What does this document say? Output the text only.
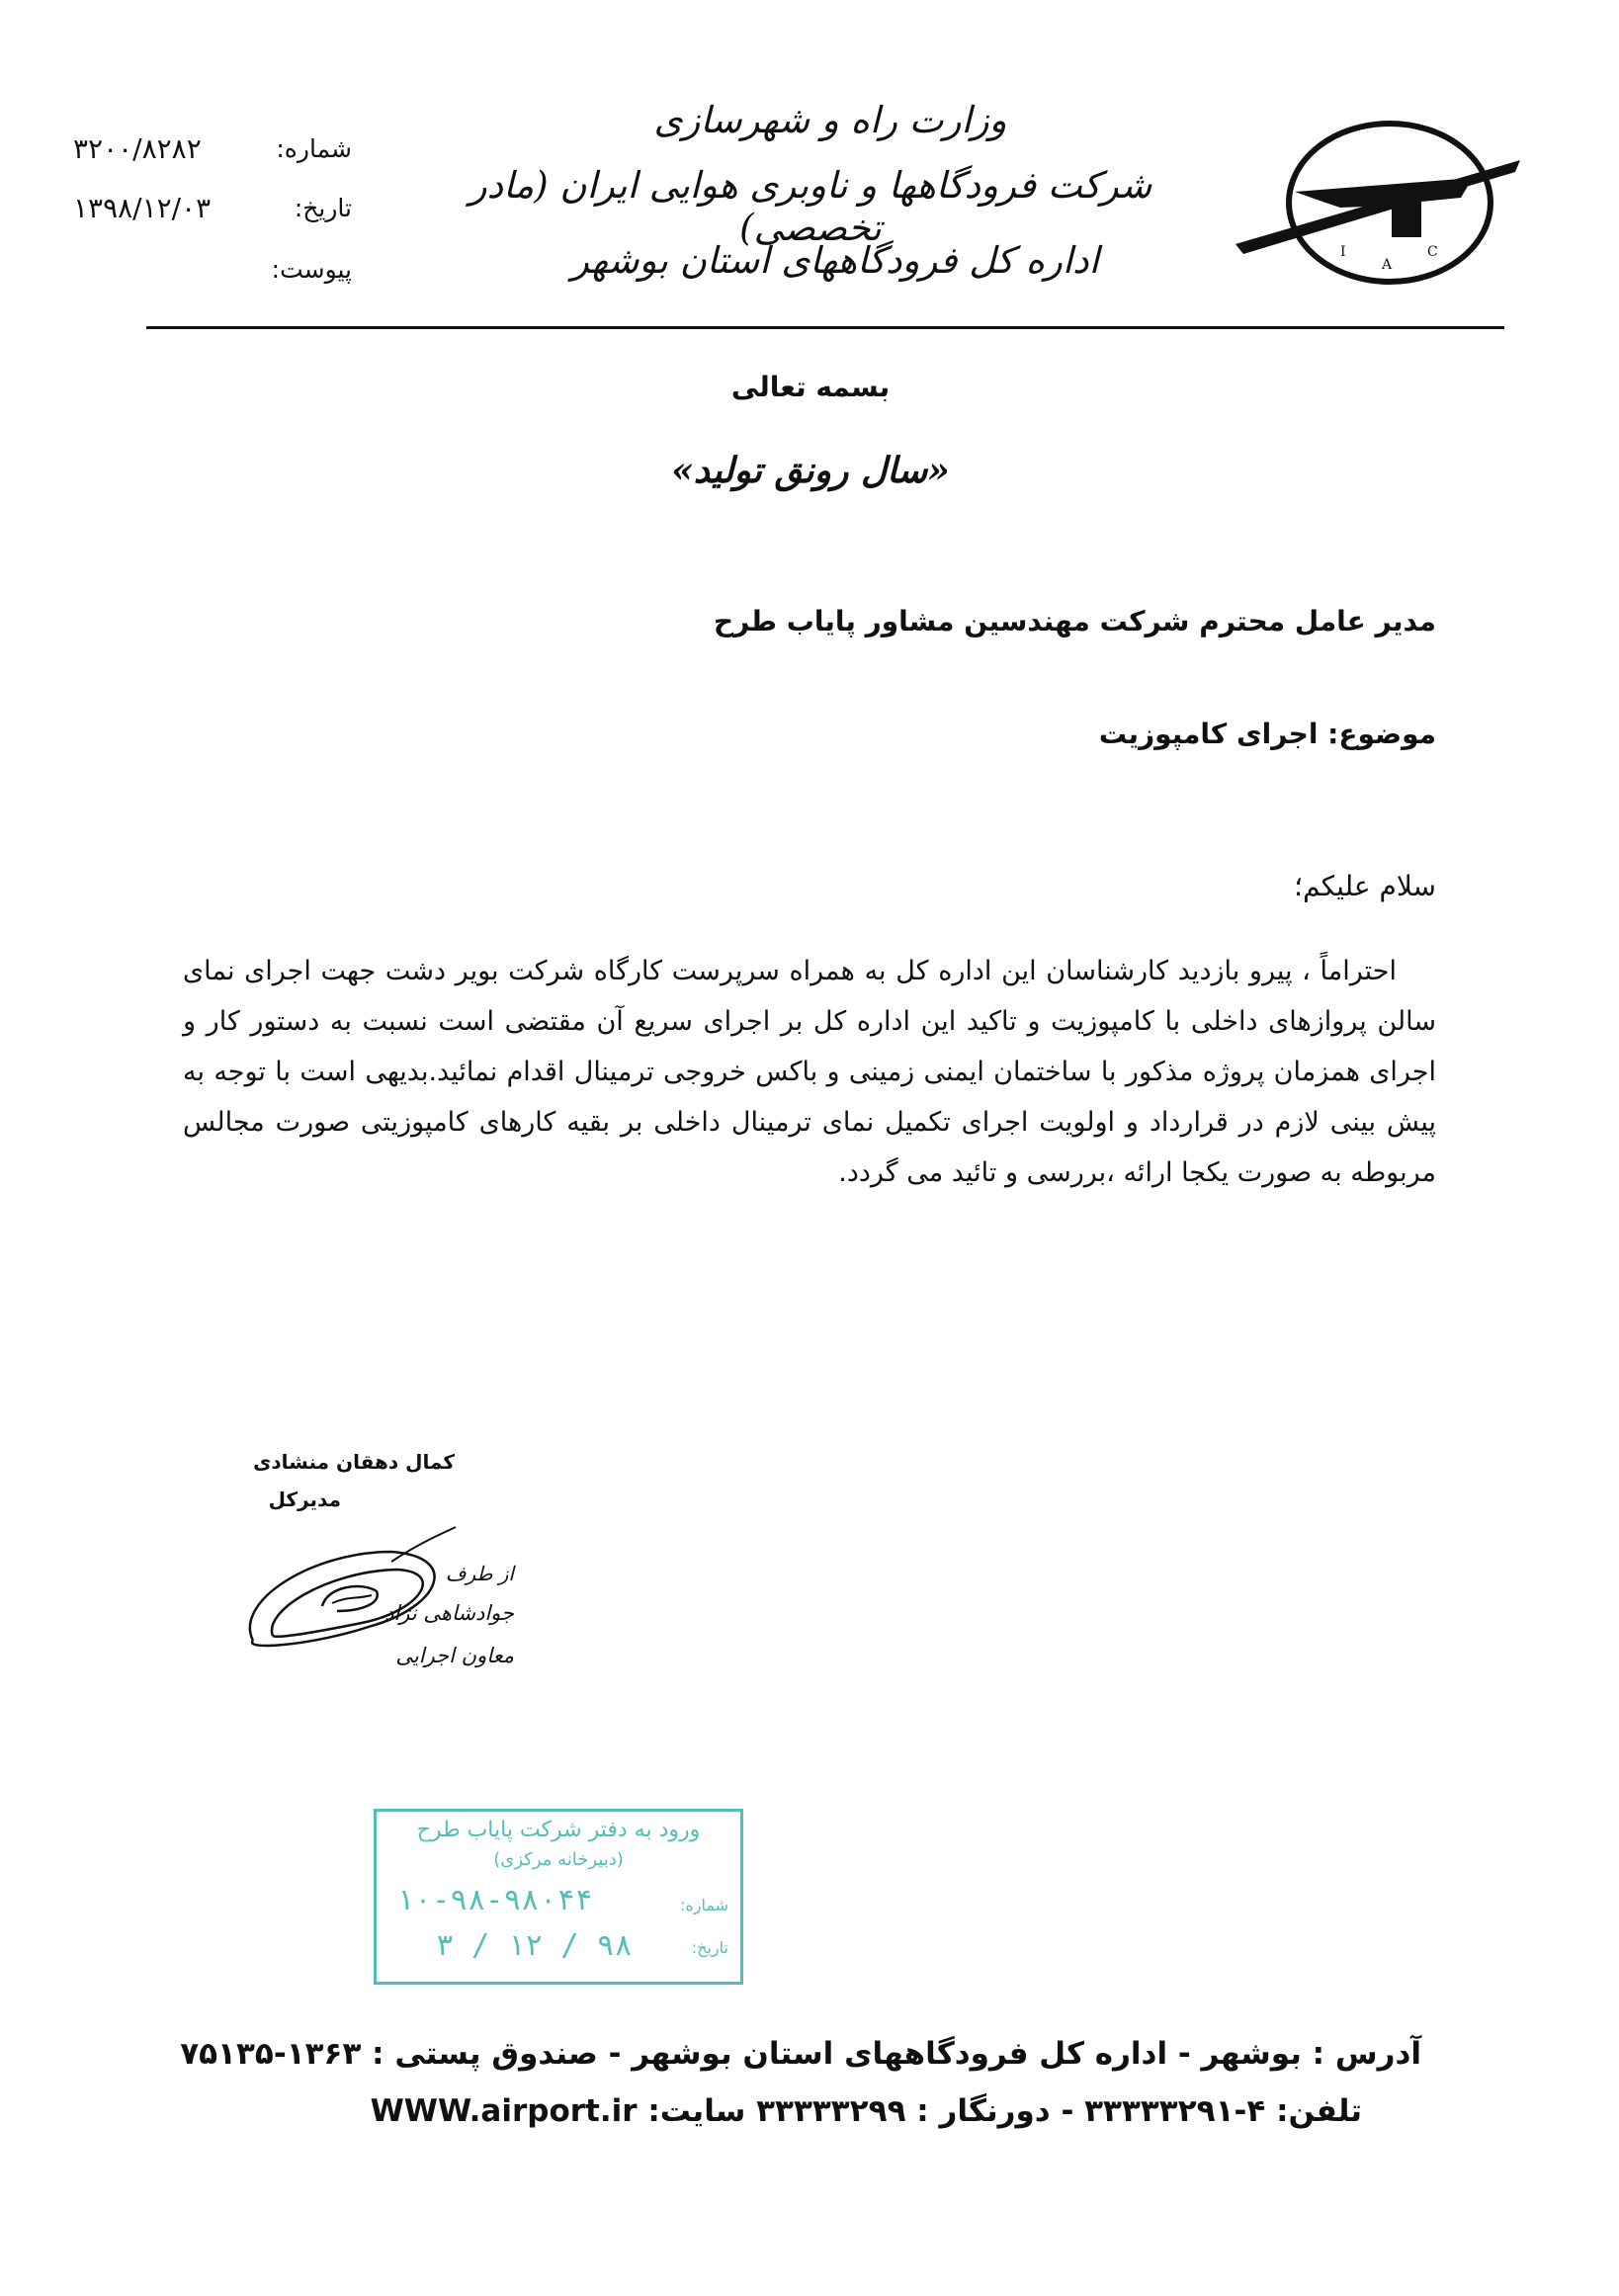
شماره:
۳۲۰۰/۸۲۸۲
تاریخ:
۱۳۹۸/۱۲/۰۳
پیوست:
وزارت راه و شهرسازی
شرکت فرودگاهها و ناوبری هوایی ایران (مادر تخصصی)
اداره کل فرودگاههای استان بوشهر	I
A
C
بسمه تعالی
«سال رونق تولید»
مدیر عامل محترم شرکت مهندسین مشاور پایاب طرح
موضوع: اجرای کامپوزیت
سلام علیکم؛

احتراماً ، پیرو بازدید کارشناسان این اداره کل به همراه سرپرست کارگاه شرکت بویر دشت جهت اجرای نمای سالن پروازهای داخلی با کامپوزیت و تاکید این اداره کل بر اجرای سریع آن مقتضی است نسبت به دستور کار و اجرای همزمان پروژه مذکور با ساختمان ایمنی زمینی و باکس خروجی ترمینال اقدام نمائید.بدیهی است با توجه به پیش بینی لازم در قرارداد و اولویت اجرای تکمیل نمای ترمینال داخلی بر بقیه کارهای کامپوزیتی صورت مجالس مربوطه به صورت یکجا ارائه ،بررسی و تائید می گردد.

کمال دهقان منشادی
مدیرکل
از طرف
جوادشاهی نژاد
معاون اجرایی
ورود به دفتر شرکت پایاب طرح
(دبیرخانه مرکزی)
شماره:
۱۰-۹۸-۹۸۰۴۴
تاریخ:
۹۸ / ۱۲ / ۳
آدرس : بوشهر - اداره کل فرودگاههای استان بوشهر - صندوق پستی : ۱۳۶۳-۷۵۱۳۵
تلفن: ۴-۳۳۳۳۳۲۹۱ - دورنگار : ۳۳۳۳۳۲۹۹ سایت: WWW.airport.ir
